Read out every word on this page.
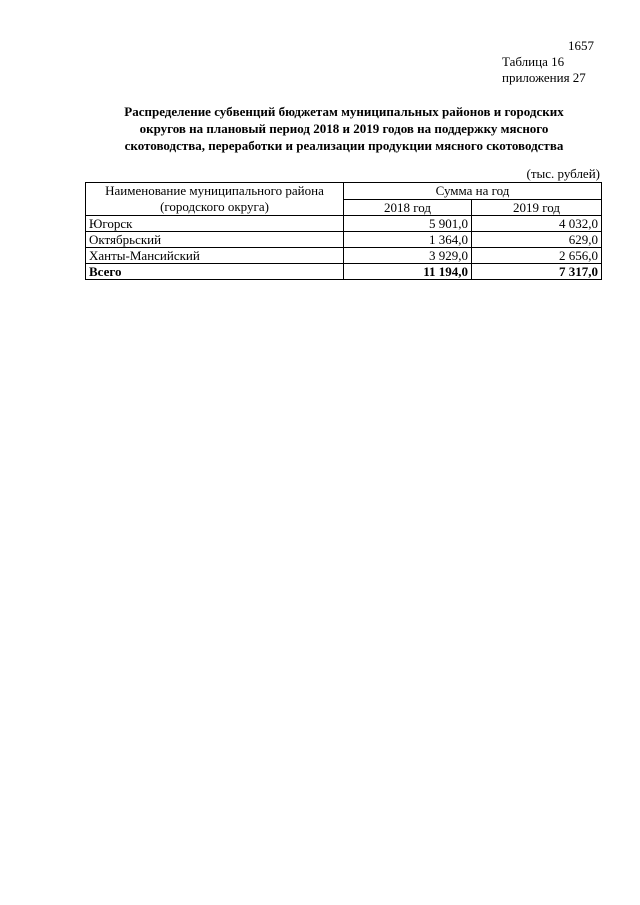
1657
Таблица 16
приложения 27
Распределение субвенций бюджетам муниципальных районов и городских
округов на плановый период 2018 и 2019 годов на поддержку мясного
скотоводства, переработки и реализации продукции мясного скотоводства
(тыс. рублей)
Наименование муниципального района
(городского округа)	Сумма на год	
	2018 год	2019 год
Югорск	5 901,0	4 032,0
Октябрьский	1 364,0	629,0
Ханты-Мансийский	3 929,0	2 656,0
Всего	11 194,0	7 317,0
